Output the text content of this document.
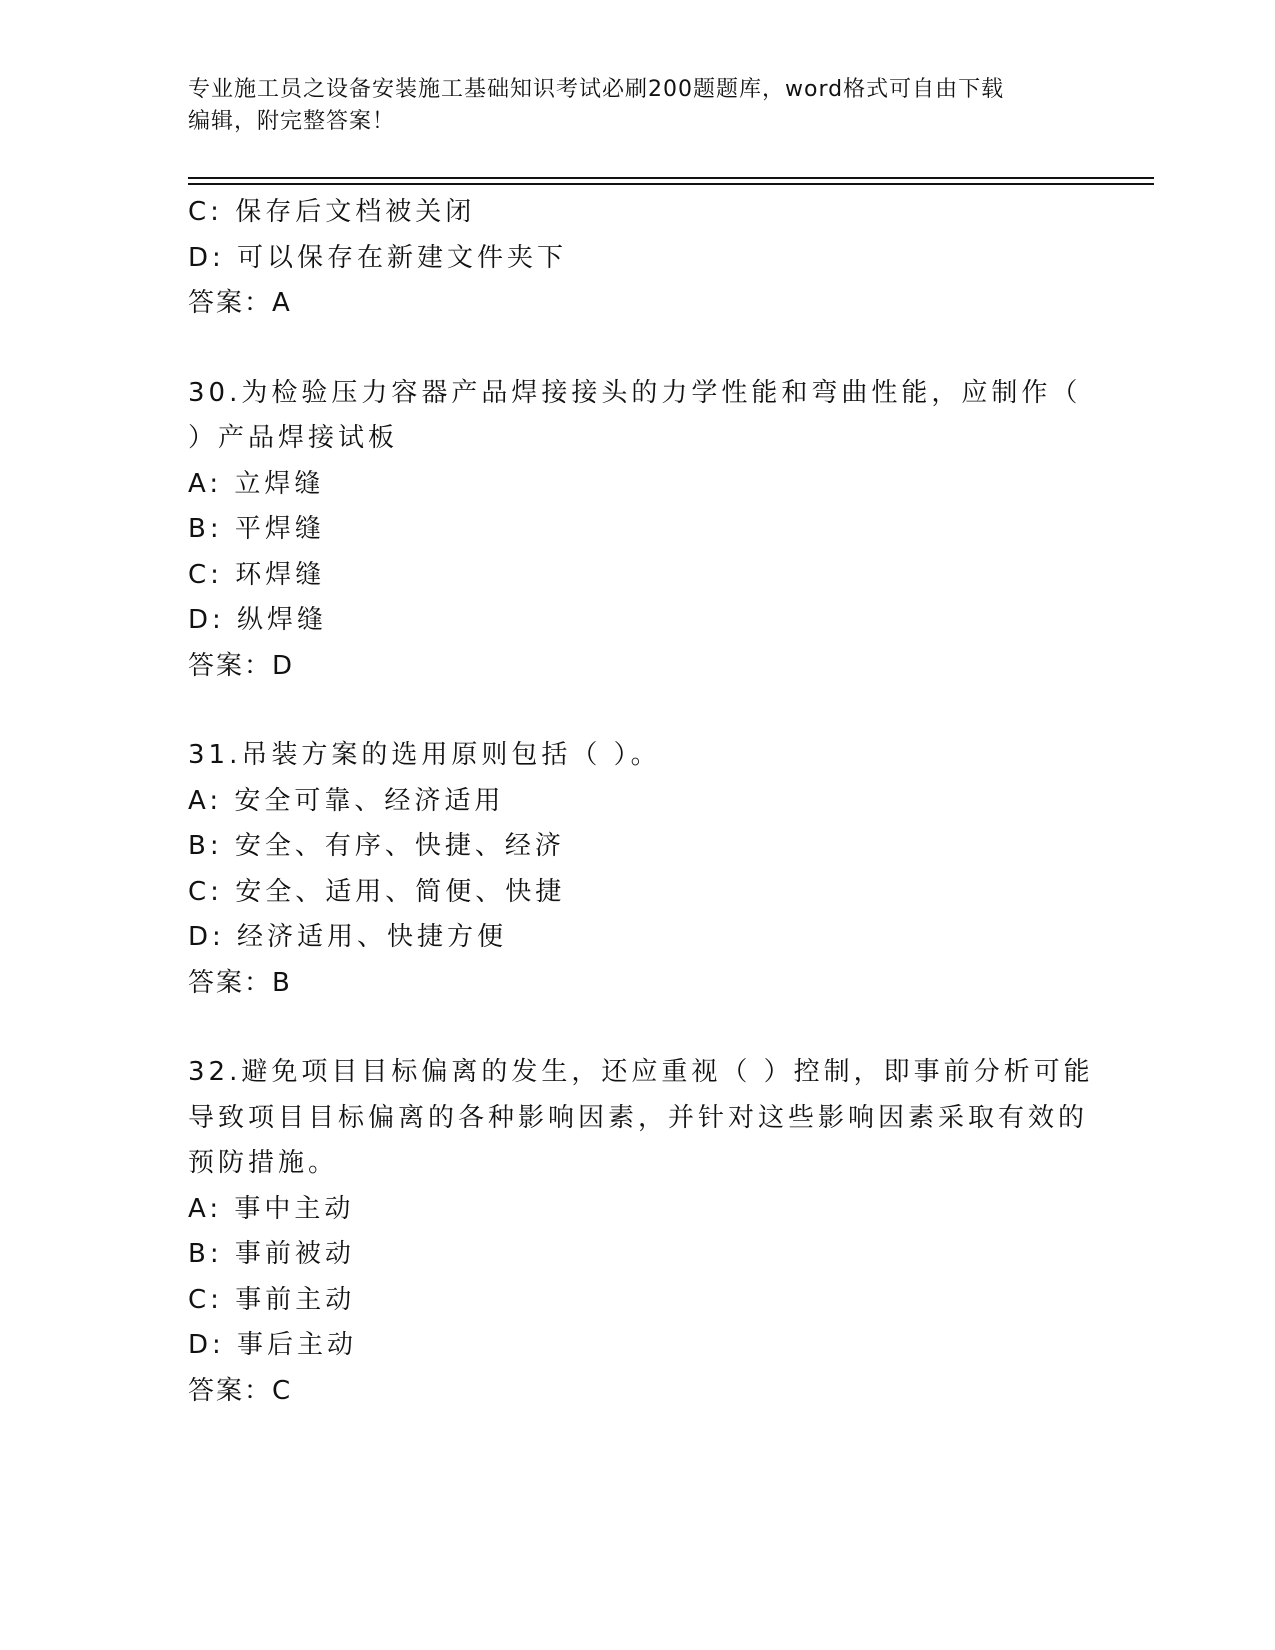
专业施工员之设备安装施工基础知识考试必刷200题题库，word格式可自由下载
编辑，附完整答案！
C: 保存后文档被关闭
D: 可以保存在新建文件夹下
答案：A
30.为检验压力容器产品焊接接头的力学性能和弯曲性能，应制作（
）产品焊接试板
A: 立焊缝
B: 平焊缝
C: 环焊缝
D: 纵焊缝
答案：D
31.吊装方案的选用原则包括（ ）。
A: 安全可靠、经济适用
B: 安全、有序、快捷、经济
C: 安全、适用、简便、快捷
D: 经济适用、快捷方便
答案：B
32.避免项目目标偏离的发生，还应重视（ ）控制，即事前分析可能
导致项目目标偏离的各种影响因素，并针对这些影响因素采取有效的
预防措施。
A: 事中主动
B: 事前被动
C: 事前主动
D: 事后主动
答案：C
